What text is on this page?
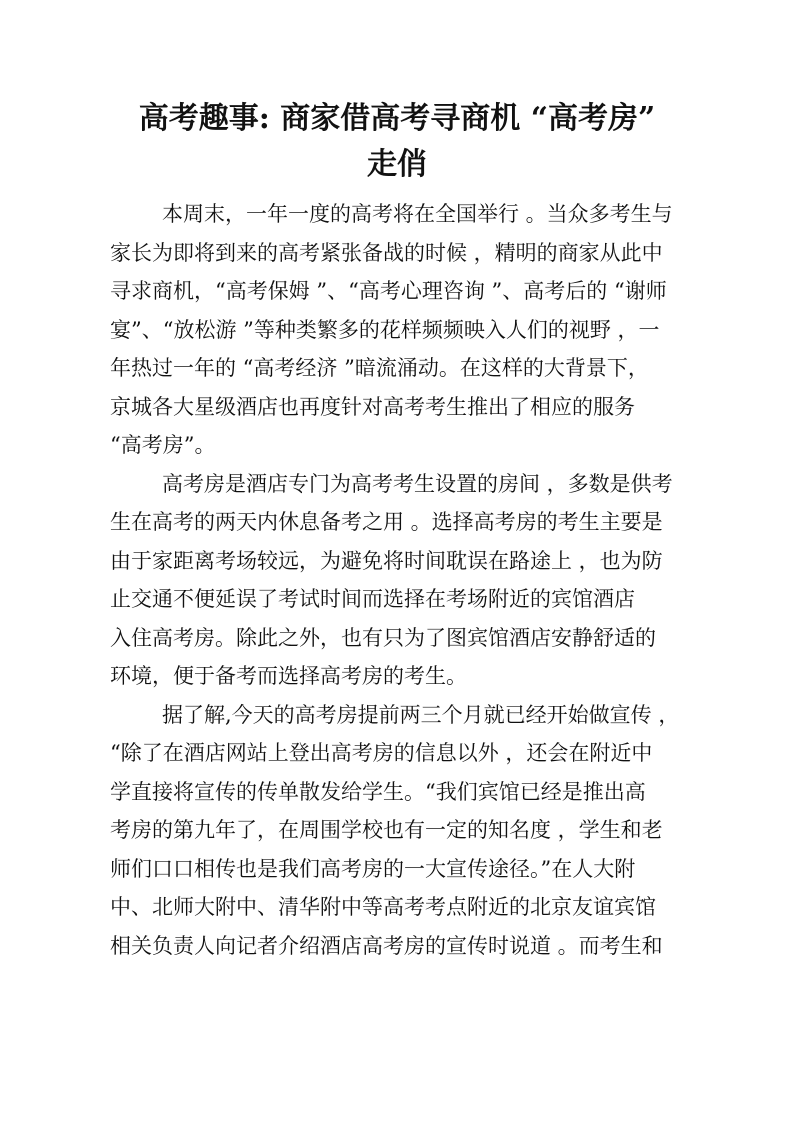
高考趣事: 商家借高考寻商机 “高考房”
走俏
本周末，一年一度的高考将在全国举行 。当众多考生与
家长为即将到来的高考紧张备战的时候 ，精明的商家从此中
寻求商机，“高考保姆 ”、“高考心理咨询 ”、高考后的 “谢师
宴”、“放松游 ”等种类繁多的花样频频映入人们的视野 ，一
年热过一年的 “高考经济 ”暗流涌动。在这样的大背景下，
京城各大星级酒店也再度针对高考考生推出了相应的服务
“高考房”。
高考房是酒店专门为高考考生设置的房间 ，多数是供考
生在高考的两天内休息备考之用 。选择高考房的考生主要是
由于家距离考场较远，为避免将时间耽误在路途上 ，也为防
止交通不便延误了考试时间而选择在考场附近的宾馆酒店
入住高考房。除此之外，也有只为了图宾馆酒店安静舒适的
环境，便于备考而选择高考房的考生。
据了解,今天的高考房提前两三个月就已经开始做宣传 ，
“除了在酒店网站上登出高考房的信息以外 ，还会在附近中
学直接将宣传的传单散发给学生。“我们宾馆已经是推出高
考房的第九年了，在周围学校也有一定的知名度 ，学生和老
师们口口相传也是我们高考房的一大宣传途径。”在人大附
中、北师大附中、清华附中等高考考点附近的北京友谊宾馆
相关负责人向记者介绍酒店高考房的宣传时说道 。而考生和
